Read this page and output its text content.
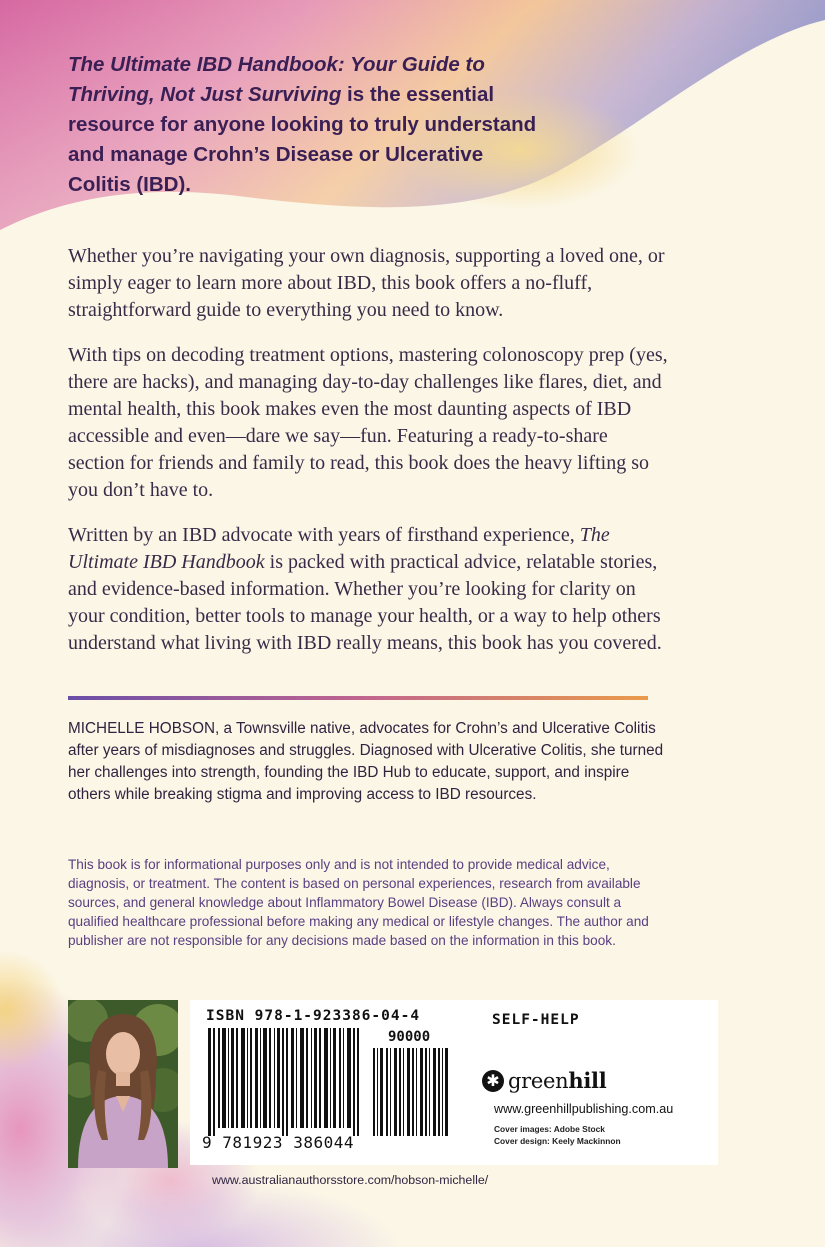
The Ultimate IBD Handbook: Your Guide to Thriving, Not Just Surviving is the essential resource for anyone looking to truly understand and manage Crohn’s Disease or Ulcerative Colitis (IBD).

Whether you’re navigating your own diagnosis, supporting a loved one, or simply eager to learn more about IBD, this book offers a no-fluff, straightforward guide to everything you need to know.

With tips on decoding treatment options, mastering colonoscopy prep (yes, there are hacks), and managing day-to-day challenges like flares, diet, and mental health, this book makes even the most daunting aspects of IBD accessible and even—dare we say—fun. Featuring a ready-to-share section for friends and family to read, this book does the heavy lifting so you don’t have to.

Written by an IBD advocate with years of firsthand experience, The Ultimate IBD Handbook is packed with practical advice, relatable stories, and evidence-based information. Whether you’re looking for clarity on your condition, better tools to manage your health, or a way to help others understand what living with IBD really means, this book has you covered.

MICHELLE HOBSON, a Townsville native, advocates for Crohn’s and Ulcerative Colitis after years of misdiagnoses and struggles. Diagnosed with Ulcerative Colitis, she turned her challenges into strength, founding the IBD Hub to educate, support, and inspire others while breaking stigma and improving access to IBD resources.

This book is for informational purposes only and is not intended to provide medical advice, diagnosis, or treatment. The content is based on personal experiences, research from available sources, and general knowledge about Inflammatory Bowel Disease (IBD). Always consult a qualified healthcare professional before making any medical or lifestyle changes. The author and publisher are not responsible for any decisions made based on the information in this book.

ISBN 978-1-923386-04-4
90000
9 781923 386044
SELF-HELP
✱ greenhill
www.greenhillpublishing.com.au
Cover images: Adobe Stock
Cover design: Keely Mackinnon
www.australianauthorsstore.com/hobson-michelle/
